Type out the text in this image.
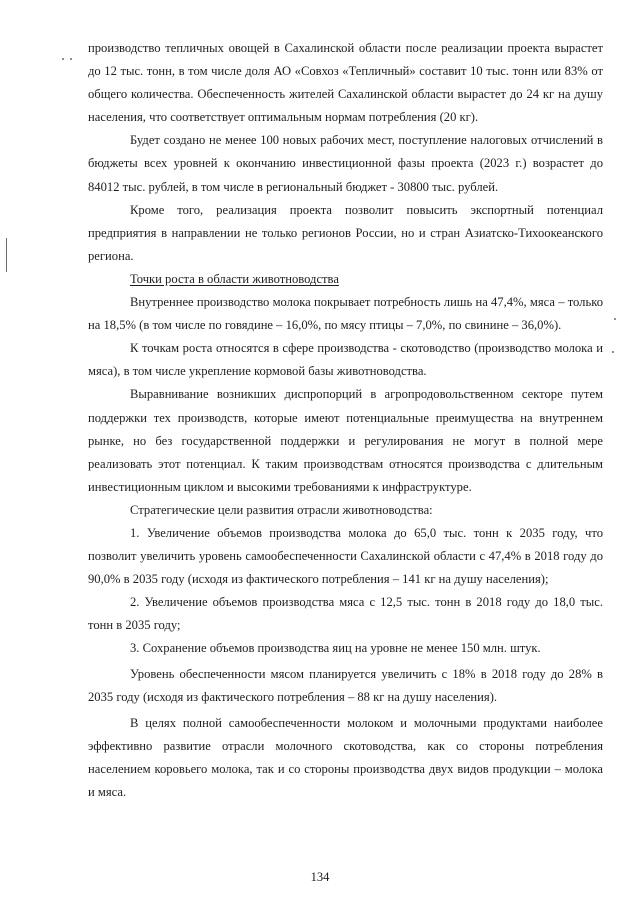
производство тепличных овощей в Сахалинской области после реализации проекта вырастет до 12 тыс. тонн, в том числе доля АО «Совхоз «Тепличный» составит 10 тыс. тонн или 83% от общего количества. Обеспеченность жителей Сахалинской области вырастет до 24 кг на душу населения, что соответствует оптимальным нормам потребления (20 кг).

Будет создано не менее 100 новых рабочих мест, поступление налоговых отчислений в бюджеты всех уровней к окончанию инвестиционной фазы проекта (2023 г.) возрастет до 84012 тыс. рублей, в том числе в региональный бюджет - 30800 тыс. рублей.

Кроме того, реализация проекта позволит повысить экспортный потенциал предприятия в направлении не только регионов России, но и стран Азиатско-Тихоокеанского региона.

Точки роста в области животноводства

Внутреннее производство молока покрывает потребность лишь на 47,4%, мяса – только на 18,5% (в том числе по говядине – 16,0%, по мясу птицы – 7,0%, по свинине – 36,0%).

К точкам роста относятся в сфере производства - скотоводство (производство молока и мяса), в том числе укрепление кормовой базы животноводства.

Выравнивание возникших диспропорций в агропродовольственном секторе путем поддержки тех производств, которые имеют потенциальные преимущества на внутреннем рынке, но без государственной поддержки и регулирования не могут в полной мере реализовать этот потенциал. К таким производствам относятся производства с длительным инвестиционным циклом и высокими требованиями к инфраструктуре.

Стратегические цели развития отрасли животноводства:

1. Увеличение объемов производства молока до 65,0 тыс. тонн к 2035 году, что позволит увеличить уровень самообеспеченности Сахалинской области с 47,4% в 2018 году до 90,0% в 2035 году (исходя из фактического потребления – 141 кг на душу населения);

2. Увеличение объемов производства мяса с 12,5 тыс. тонн в 2018 году до 18,0 тыс. тонн в 2035 году;

3. Сохранение объемов производства яиц на уровне не менее 150 млн. штук.

Уровень обеспеченности мясом планируется увеличить с 18% в 2018 году до 28% в 2035 году (исходя из фактического потребления – 88 кг на душу населения).

В целях полной самообеспеченности молоком и молочными продуктами наиболее эффективно развитие отрасли молочного скотоводства, как со стороны потребления населением коровьего молока, так и со стороны производства двух видов продукции – молока и мяса.

134
